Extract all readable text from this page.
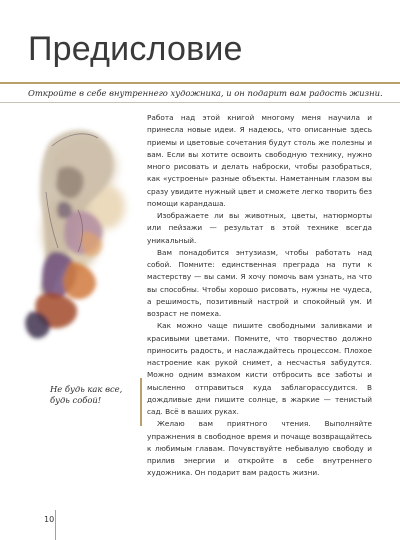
Предисловие
Откройте в себе внутреннего художника, и он подарит вам радость жизни.

Работа над этой книгой многому меня научила и принесла новые идеи. Я надеюсь, что описанные здесь приемы и цветовые сочетания будут столь же полезны и вам. Если вы хотите освоить свободную технику, нужно много рисовать и делать наброски, чтобы разобраться, как «устроены» разные объекты. Наметанным глазом вы сразу увидите нужный цвет и сможете легко творить без помощи карандаша.

Изображаете ли вы животных, цветы, натюрморты или пейзажи — результат в этой технике всегда уникальный.

Вам понадобится энтузиазм, чтобы работать над собой. Помните: единственная преграда на пути к мастерству — вы сами. Я хочу помочь вам узнать, на что вы способны. Чтобы хорошо рисовать, нужны не чудеса, а решимость, позитивный настрой и спокойный ум. И возраст не помеха.

Как можно чаще пишите свободными заливками и красивыми цветами. Помните, что творчество должно приносить радость, и наслаждайтесь процессом. Плохое настроение как рукой снимет, а несчастья забудутся. Можно одним взмахом кисти отбросить все заботы и мысленно отправиться куда заблагорассудится. В дождливые дни пишите солнце, в жаркие — тенистый сад. Всё в ваших руках.

Желаю вам приятного чтения. Выполняйте упражнения в свободное время и почаще возвращайтесь к любимым главам. Почувствуйте небывалую свободу и прилив энергии и откройте в себе внутреннего художника. Он подарит вам радость жизни.

Не будь как все, будь собой!
10
